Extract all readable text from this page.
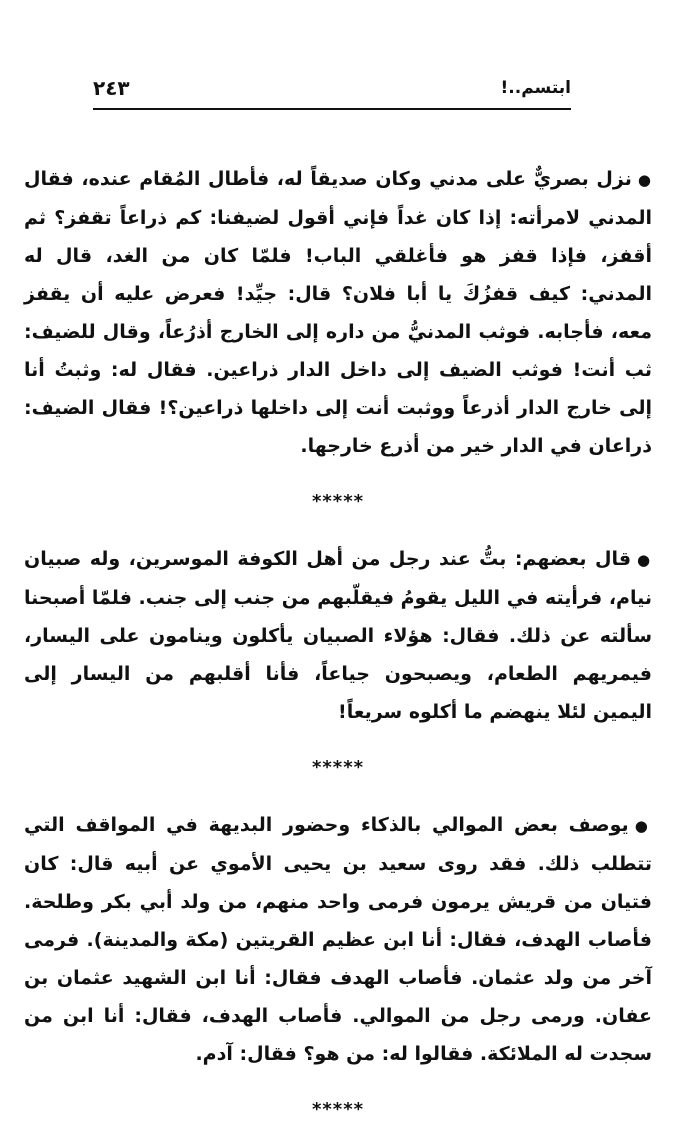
ابتسم..!
٢٤٣

●نزل بصريٌّ على مدني وكان صديقاً له، فأطال المُقام عنده، فقال المدني لامرأته: إذا كان غداً فإني أقول لضيفنا: كم ذراعاً تقفز؟ ثم أقفز، فإذا قفز هو فأغلقي الباب! فلمّا كان من الغد، قال له المدني: كيف قفزُكَ يا أبا فلان؟ قال: جيِّد! فعرض عليه أن يقفز معه، فأجابه. فوثب المدنيُّ من داره إلى الخارج أذرُعاً، وقال للضيف: ثب أنت! فوثب الضيف إلى داخل الدار ذراعين. فقال له: وثبتُ أنا إلى خارج الدار أذرعاً ووثبت أنت إلى داخلها ذراعين؟! فقال الضيف: ذراعان في الدار خير من أذرع خارجها.

*****

●قال بعضهم: بتُّ عند رجل من أهل الكوفة الموسرين، وله صبيان نيام، فرأيته في الليل يقومُ فيقلّبهم من جنب إلى جنب. فلمّا أصبحنا سألته عن ذلك. فقال: هؤلاء الصبيان يأكلون وينامون على اليسار، فيمريهم الطعام، ويصبحون جياعاً، فأنا أقلبهم من اليسار إلى اليمين لئلا ينهضم ما أكلوه سريعاً!

*****

●يوصف بعض الموالي بالذكاء وحضور البديهة في المواقف التي تتطلب ذلك. فقد روى سعيد بن يحيى الأموي عن أبيه قال: كان فتيان من قريش يرمون فرمى واحد منهم، من ولد أبي بكر وطلحة. فأصاب الهدف، فقال: أنا ابن عظيم القريتين (مكة والمدينة). فرمى آخر من ولد عثمان. فأصاب الهدف فقال: أنا ابن الشهيد عثمان بن عفان. ورمى رجل من الموالي. فأصاب الهدف، فقال: أنا ابن من سجدت له الملائكة. فقالوا له: من هو؟ فقال: آدم.

*****
